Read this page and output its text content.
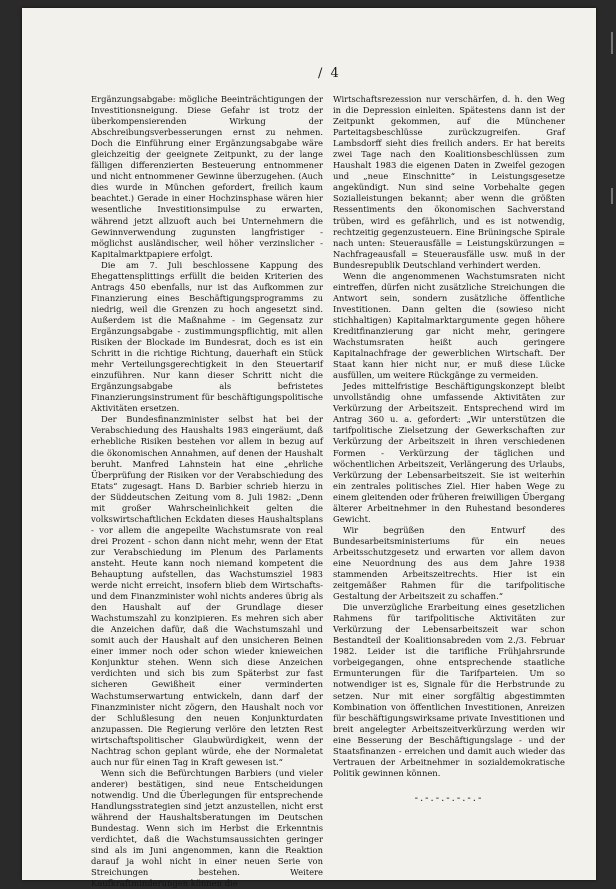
/ 4

Ergänzungsabgabe: mögliche Beeinträchtigungen der Investitionsneigung. Diese Gefahr ist trotz der überkompensierenden Wirkung der Abschreibungsverbesserungen ernst zu nehmen. Doch die Einführung einer Ergänzungsabgabe wäre gleichzeitig der geeignete Zeitpunkt, zu der lange fälligen differenzierten Besteuerung entnommener und nicht entnommener Gewinne überzugehen. (Auch dies wurde in München gefordert, freilich kaum beachtet.) Gerade in einer Hochzinsphase wären hier wesentliche Investitionsimpulse zu erwarten, während jetzt allzuoft auch bei Unternehmern die Gewinnverwendung zugunsten langfristiger - möglichst ausländischer, weil höher verzinslicher - Kapitalmarktpapiere erfolgt.

Die am 7. Juli beschlossene Kappung des Ehegattensplittings erfüllt die beiden Kriterien des Antrags 450 ebenfalls, nur ist das Aufkommen zur Finanzierung eines Beschäftigungsprogramms zu niedrig, weil die Grenzen zu hoch angesetzt sind. Außerdem ist die Maßnahme - im Gegensatz zur Ergänzungsabgabe - zustimmungspflichtig, mit allen Risiken der Blockade im Bundesrat, doch es ist ein Schritt in die richtige Richtung, dauerhaft ein Stück mehr Verteilungsgerechtigkeit in den Steuertarif einzuführen. Nur kann dieser Schritt nicht die Ergänzungsabgabe als befristetes Finanzierungsinstrument für beschäftigungspolitische Aktivitäten ersetzen.

Der Bundesfinanzminister selbst hat bei der Verabschiedung des Haushalts 1983 eingeräumt, daß erhebliche Risiken bestehen vor allem in bezug auf die ökonomischen Annahmen, auf denen der Haushalt beruht. Manfred Lahnstein hat eine „ehrliche Überprüfung der Risiken vor der Verabschiedung des Etats“ zugesagt. Hans D. Barbier schrieb hierzu in der Süddeutschen Zeitung vom 8. Juli 1982: „Denn mit großer Wahrscheinlichkeit gelten die volkswirtschaftlichen Eckdaten dieses Haushaltsplans - vor allem die angepeilte Wachstumsrate von real drei Prozent - schon dann nicht mehr, wenn der Etat zur Verabschiedung im Plenum des Parlaments ansteht. Heute kann noch niemand kompetent die Behauptung aufstellen, das Wachstumsziel 1983 werde nicht erreicht, insofern blieb dem Wirtschafts- und dem Finanzminister wohl nichts anderes übrig als den Haushalt auf der Grundlage dieser Wachstumszahl zu konzipieren. Es mehren sich aber die Anzeichen dafür, daß die Wachstumszahl und somit auch der Haushalt auf den unsicheren Beinen einer immer noch oder schon wieder knieweichen Konjunktur stehen. Wenn sich diese Anzeichen verdichten und sich bis zum Späterbst zur fast sicheren Gewißheit einer verminderten Wachstumserwartung entwickeln, dann darf der Finanzminister nicht zögern, den Haushalt noch vor der Schlußlesung den neuen Konjunkturdaten anzupassen. Die Regierung verlöre den letzten Rest wirtschaftspolitischer Glaubwürdigkeit, wenn der Nachtrag schon geplant würde, ehe der Normaletat auch nur für einen Tag in Kraft gewesen ist.“

Wenn sich die Befürchtungen Barbiers (und vieler anderer) bestätigen, sind neue Entscheidungen notwendig. Und die Überlegungen für entsprechende Handlungsstrategien sind jetzt anzustellen, nicht erst während der Haushaltsberatungen im Deutschen Bundestag. Wenn sich im Herbst die Erkenntnis verdichtet, daß die Wachstumsaussichten geringer sind als im Juni angenommen, kann die Reaktion darauf ja wohl nicht in einer neuen Serie von Streichungen bestehen. Weitere Kaufkraftminderungen können die

Wirtschaftsrezession nur verschärfen, d. h. den Weg in die Depression einleiten. Spätestens dann ist der Zeitpunkt gekommen, auf die Münchener Parteitagsbeschlüsse zurückzugreifen. Graf Lambsdorff sieht dies freilich anders. Er hat bereits zwei Tage nach den Koalitionsbeschlüssen zum Haushalt 1983 die eigenen Daten in Zweifel gezogen und „neue Einschnitte“ in Leistungsgesetze angekündigt. Nun sind seine Vorbehalte gegen Sozialleistungen bekannt; aber wenn die größten Ressentiments den ökonomischen Sachverstand trüben, wird es gefährlich, und es ist notwendig, rechtzeitig gegenzusteuern. Eine Brüningsche Spirale nach unten: Steuerausfälle = Leistungskürzungen = Nachfrageausfall = Steuerausfälle usw. muß in der Bundesrepublik Deutschland verhindert werden.

Wenn die angenommenen Wachstumsraten nicht eintreffen, dürfen nicht zusätzliche Streichungen die Antwort sein, sondern zusätzliche öffentliche Investitionen. Dann gelten die (sowieso nicht stichhaltigen) Kapitalmarktargumente gegen höhere Kreditfinanzierung gar nicht mehr, geringere Wachstumsraten heißt auch geringere Kapitalnachfrage der gewerblichen Wirtschaft. Der Staat kann hier nicht nur, er muß diese Lücke ausfüllen, um weitere Rückgänge zu vermeiden.

Jedes mittelfristige Beschäftigungskonzept bleibt unvollständig ohne umfassende Aktivitäten zur Verkürzung der Arbeitszeit. Entsprechend wird im Antrag 360 u. a. gefordert: „Wir unterstützen die tarifpolitische Zielsetzung der Gewerkschaften zur Verkürzung der Arbeitszeit in ihren verschiedenen Formen - Verkürzung der täglichen und wöchentlichen Arbeitszeit, Verlängerung des Urlaubs, Verkürzung der Lebensarbeitszeit. Sie ist weiterhin ein zentrales politisches Ziel. Hier haben Wege zu einem gleitenden oder früheren freiwilligen Übergang älterer Arbeitnehmer in den Ruhestand besonderes Gewicht.

Wir begrüßen den Entwurf des Bundesarbeitsministeriums für ein neues Arbeitsschutzgesetz und erwarten vor allem davon eine Neuordnung des aus dem Jahre 1938 stammenden Arbeitszeitrechts. Hier ist ein zeitgemäßer Rahmen für die tarifpolitische Gestaltung der Arbeitszeit zu schaffen.“

Die unverzügliche Erarbeitung eines gesetzlichen Rahmens für tarifpolitische Aktivitäten zur Verkürzung der Lebensarbeitszeit war schon Bestandteil der Koalitionsabreden vom 2./3. Februar 1982. Leider ist die tarifliche Frühjahrsrunde vorbeigegangen, ohne entsprechende staatliche Ermunterungen für die Tarifparteien. Um so notwendiger ist es, Signale für die Herbstrunde zu setzen. Nur mit einer sorgfältig abgestimmten Kombination von öffentlichen Investitionen, Anreizen für beschäftigungswirksame private Investitionen und breit angelegter Arbeitszeitverkürzung werden wir eine Besserung der Beschäftigungslage - und der Staatsfinanzen - erreichen und damit auch wieder das Vertrauen der Arbeitnehmer in sozialdemokratische Politik gewinnen können.

-.-.-.-.-.-.-
